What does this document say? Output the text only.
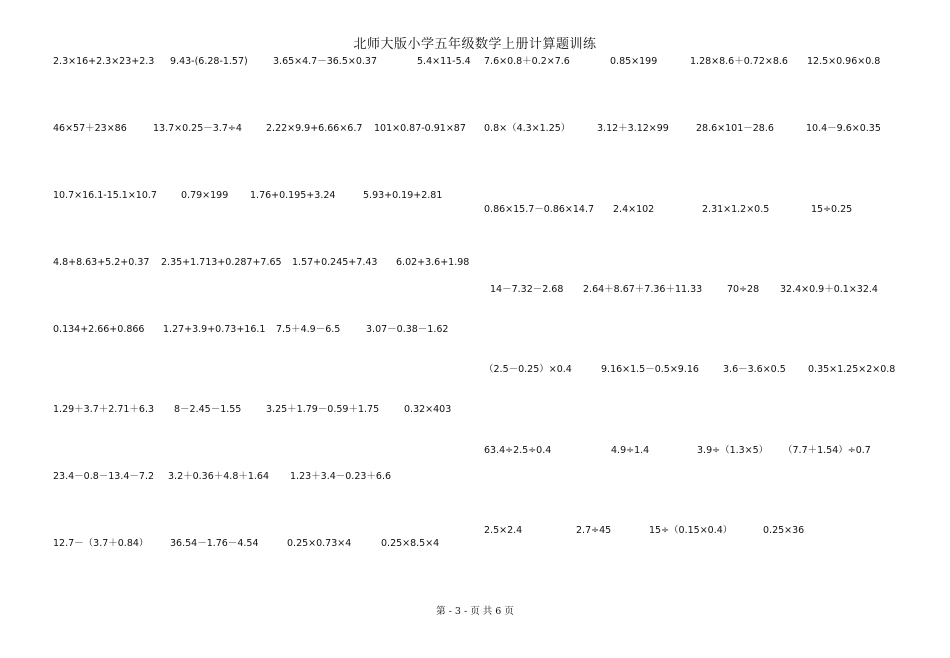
北师大版小学五年级数学上册计算题训练
2.3×16+2.3×23+2.3 9.43-(6.28-1.57)	3.65×4.7－36.5×0.37	5.4×11-5.4
46×57＋23×86	13.7×0.25－3.7÷4	2.22×9.9+6.66×6.7 101×0.87-0.91×87
10.7×16.1-15.1×10.7	0.79×199 1.76+0.195+3.24	5.93+0.19+2.81
4.8+8.63+5.2+0.37 2.35+1.713+0.287+7.65 1.57+0.245+7.43 6.02+3.6+1.98
0.134+2.66+0.866 1.27+3.9+0.73+16.1 7.5＋4.9－6.5	3.07－0.38－1.62
1.29＋3.7＋2.71＋6.3 8－2.45－1.55	3.25＋1.79－0.59＋1.75	0.32×403
23.4－0.8－13.4－7.2 3.2＋0.36＋4.8＋1.64 1.23＋3.4－0.23＋6.6
12.7－（3.7＋0.84） 36.54－1.76－4.54	0.25×0.73×4	0.25×8.5×4
7.6×0.8＋0.2×7.6	0.85×199	1.28×8.6＋0.72×8.6 12.5×0.96×0.8
0.8×（4.3×1.25）	3.12＋3.12×99	28.6×101－28.6	10.4－9.6×0.35
0.86×15.7－0.86×14.7 2.4×102	2.31×1.2×0.5	15÷0.25
14－7.32－2.68 2.64＋8.67＋7.36＋11.33	70÷28 32.4×0.9＋0.1×32.4
（2.5－0.25）×0.4	9.16×1.5－0.5×9.16	3.6－3.6×0.5 0.35×1.25×2×0.8
63.4÷2.5÷0.4	4.9÷1.4	3.9÷（1.3×5） （7.7＋1.54）÷0.7
2.5×2.4	2.7÷45	15÷（0.15×0.4）	0.25×36
第 - 3 - 页 共 6 页
